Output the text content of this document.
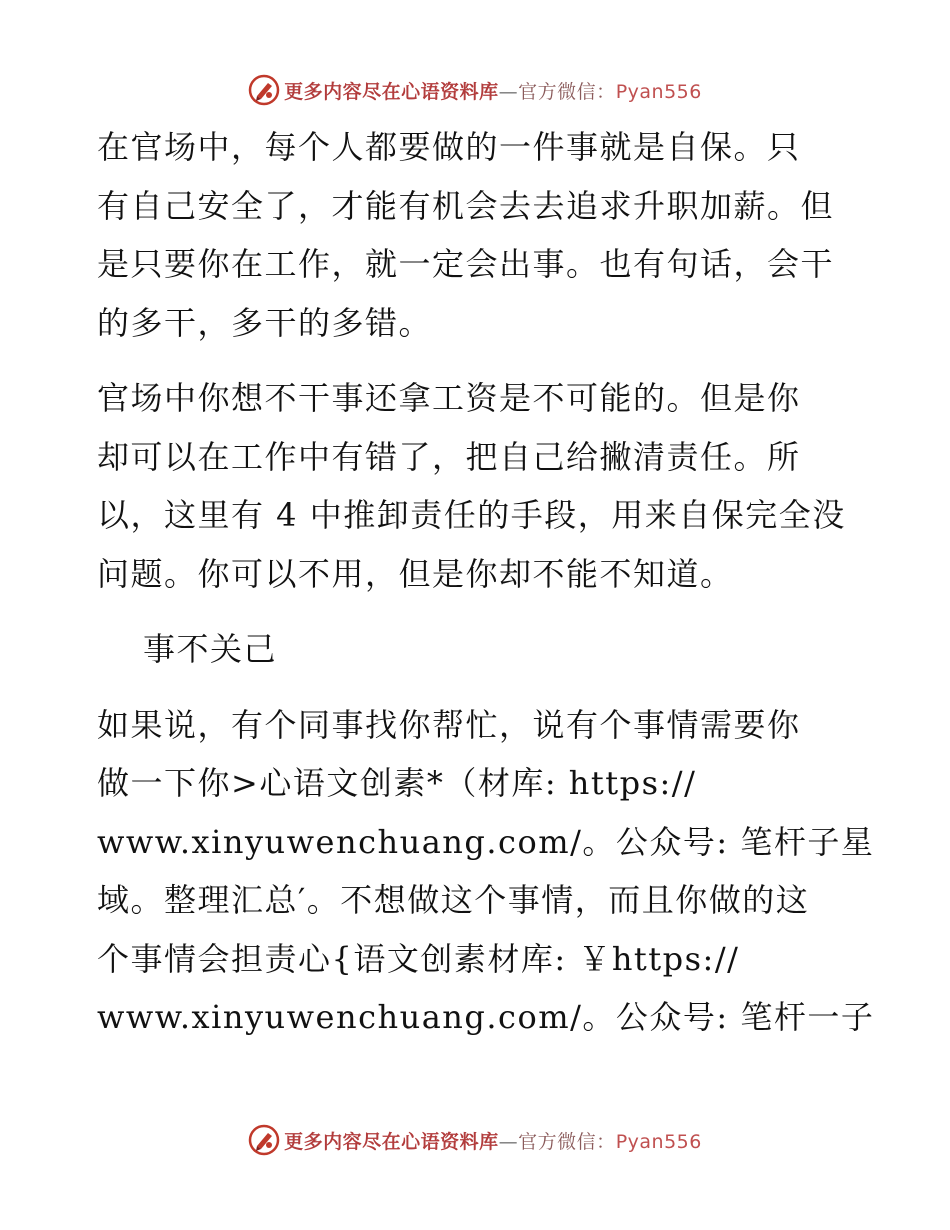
更多内容尽在心语资料库—官方微信：Pyan556

在官场中，每个人都要做的一件事就是自保。只
有自己安全了，才能有机会去去追求升职加薪。但
是只要你在工作，就一定会出事。也有句话，会干
的多干，多干的多错。

官场中你想不干事还拿工资是不可能的。但是你
却可以在工作中有错了，把自己给撇清责任。所
以，这里有 4 中推卸责任的手段，用来自保完全没
问题。你可以不用，但是你却不能不知道。

事不关己

如果说，有个同事找你帮忙，说有个事情需要你
做一下你>心语文创素*（材库: https://
www.xinyuwenchuang.com/。公众号: 笔杆子星
域。整理汇总′。不想做这个事情，而且你做的这
个事情会担责心{语文创素材库: ￥https://
www.xinyuwenchuang.com/。公众号: 笔杆一子

更多内容尽在心语资料库—官方微信：Pyan556
